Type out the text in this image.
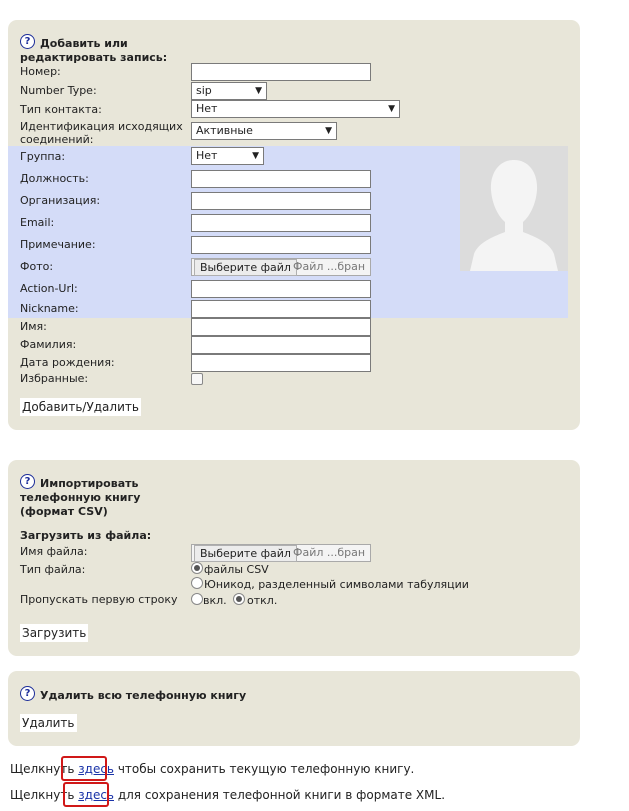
? Добавить или редактировать запись:
Номер:
Number Type:	sip	▼
Тип контакта:	Нет	▼
Идентификация исходящих соединений:
Активные	▼
Группа:	Нет	▼
Должность:
Организация:
Email:
Примечание:
Фото:	Выберите файл Файл ...бран
Action-Url:
Nickname:
Имя:
Фамилия:
Дата рождения:
Избранные:
Добавить/Удалить
? Импортировать телефонную книгу (формат CSV)
Загрузить из файла:
Имя файла:	Выберите файл Файл ...бран
Тип файла:	файлы CSV
Юникод, разделенный символами табуляции
Пропускать первую строку вкл. откл.
Загрузить
? Удалить всю телефонную книгу
Удалить
Щелкнуть здесь чтобы сохранить текущую телефонную книгу.
Щелкнуть здесь для сохранения телефонной книги в формате XML.
